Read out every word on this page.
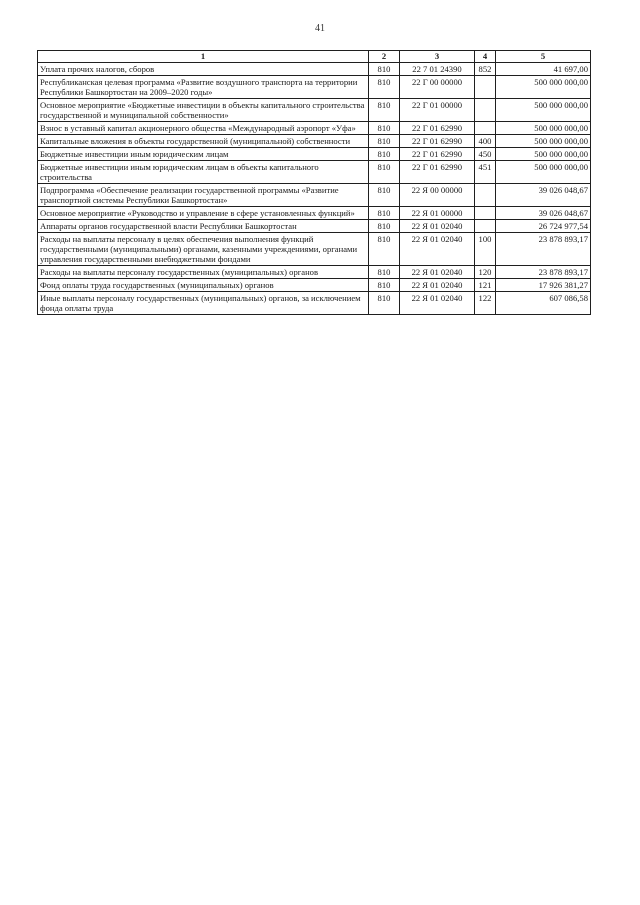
41
1	2	3	4	5
Уплата прочих налогов, сборов	810	22 7 01 24390	852	41 697,00
Республиканская целевая программа «Развитие воздушного транспорта на территории Республики Башкортостан на 2009–2020 годы»	810	22 Г 00 00000		500 000 000,00
Основное мероприятие «Бюджетные инвестиции в объекты капитального строительства государственной и муниципальной собственности»	810	22 Г 01 00000		500 000 000,00
Взнос в уставный капитал акционерного общества «Международный аэропорт «Уфа»	810	22 Г 01 62990		500 000 000,00
Капитальные вложения в объекты государственной (муниципальной) собственности	810	22 Г 01 62990	400	500 000 000,00
Бюджетные инвестиции иным юридическим лицам	810	22 Г 01 62990	450	500 000 000,00
Бюджетные инвестиции иным юридическим лицам в объекты капитального строительства	810	22 Г 01 62990	451	500 000 000,00
Подпрограмма «Обеспечение реализации государственной программы «Развитие транспортной системы Республики Башкортостан»	810	22 Я 00 00000		39 026 048,67
Основное мероприятие «Руководство и управление в сфере установленных функций»	810	22 Я 01 00000		39 026 048,67
Аппараты органов государственной власти Республики Башкортостан	810	22 Я 01 02040		26 724 977,54
Расходы на выплаты персоналу в целях обеспечения выполнения функций государственными (муниципальными) органами, казенными учреждениями, органами управления государственными внебюджетными фондами	810	22 Я 01 02040	100	23 878 893,17
Расходы на выплаты персоналу государственных (муниципальных) органов	810	22 Я 01 02040	120	23 878 893,17
Фонд оплаты труда государственных (муниципальных) органов	810	22 Я 01 02040	121	17 926 381,27
Иные выплаты персоналу государственных (муниципальных) органов, за исключением фонда оплаты труда	810	22 Я 01 02040	122	607 086,58
